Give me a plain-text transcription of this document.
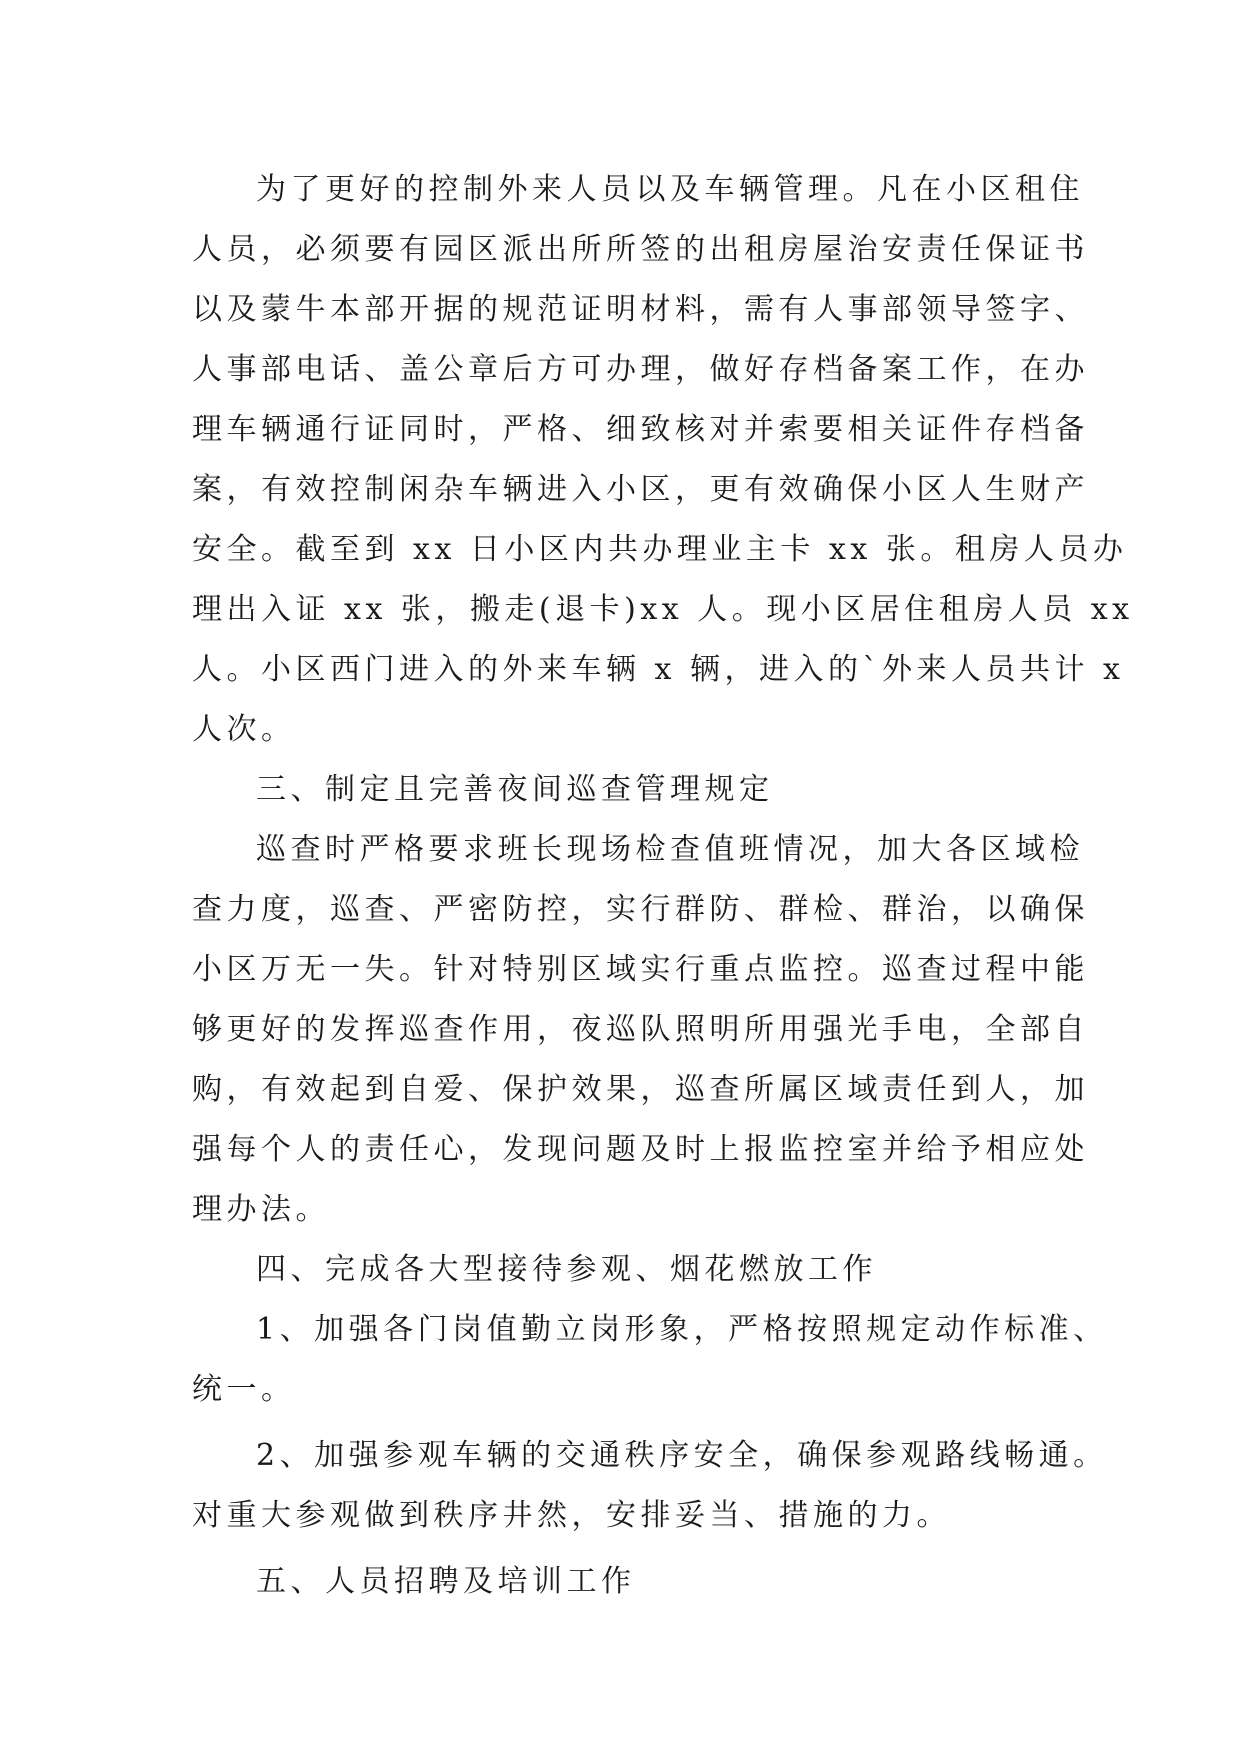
为了更好的控制外来人员以及车辆管理。凡在小区租住
人员，必须要有园区派出所所签的出租房屋治安责任保证书
以及蒙牛本部开据的规范证明材料，需有人事部领导签字、
人事部电话、盖公章后方可办理，做好存档备案工作，在办
理车辆通行证同时，严格、细致核对并索要相关证件存档备
案，有效控制闲杂车辆进入小区，更有效确保小区人生财产
安全。截至到 xx 日小区内共办理业主卡 xx 张。租房人员办
理出入证 xx 张，搬走(退卡)xx 人。现小区居住租房人员 xx
人。小区西门进入的外来车辆 x 辆，进入的`外来人员共计 x
人次。
三、制定且完善夜间巡查管理规定
巡查时严格要求班长现场检查值班情况，加大各区域检
查力度，巡查、严密防控，实行群防、群检、群治，以确保
小区万无一失。针对特别区域实行重点监控。巡查过程中能
够更好的发挥巡查作用，夜巡队照明所用强光手电，全部自
购，有效起到自爱、保护效果，巡查所属区域责任到人，加
强每个人的责任心，发现问题及时上报监控室并给予相应处
理办法。
四、完成各大型接待参观、烟花燃放工作
1、加强各门岗值勤立岗形象，严格按照规定动作标准、
统一。
2、加强参观车辆的交通秩序安全，确保参观路线畅通。
对重大参观做到秩序井然，安排妥当、措施的力。
五、人员招聘及培训工作
